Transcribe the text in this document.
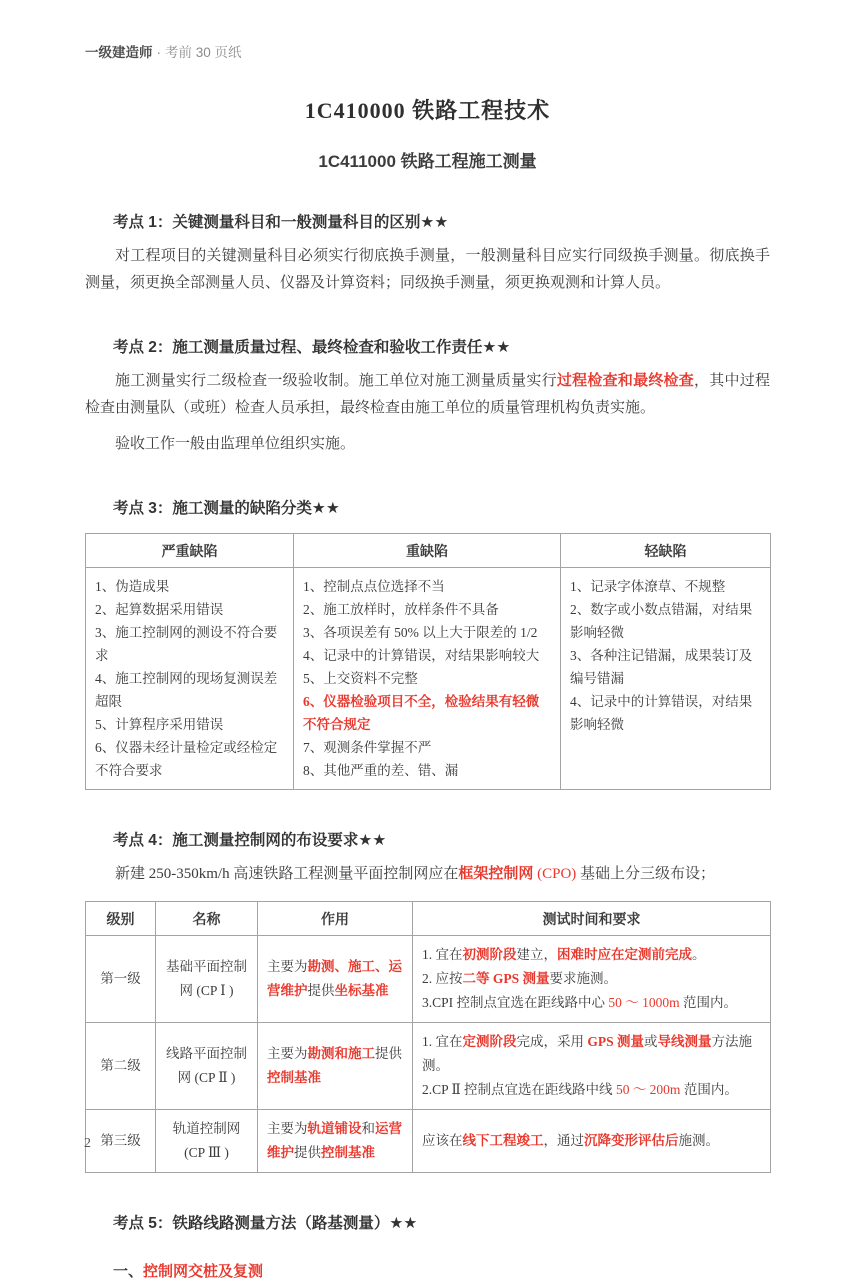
一级建造师 · 考前 30 页纸
1C410000 铁路工程技术
1C411000 铁路工程施工测量
考点 1：关键测量科目和一般测量科目的区别★★

对工程项目的关键测量科目必须实行彻底换手测量，一般测量科目应实行同级换手测量。彻底换手测量，须更换全部测量人员、仪器及计算资料；同级换手测量，须更换观测和计算人员。

考点 2：施工测量质量过程、最终检查和验收工作责任★★

施工测量实行二级检查一级验收制。施工单位对施工测量质量实行过程检查和最终检查，其中过程检查由测量队（或班）检查人员承担，最终检查由施工单位的质量管理机构负责实施。

验收工作一般由监理单位组织实施。

考点 3：施工测量的缺陷分类★★
严重缺陷	重缺陷	轻缺陷

1、伪造成果
2、起算数据采用错误
3、施工控制网的测设不符合要求
4、施工控制网的现场复测误差超限
5、计算程序采用错误
6、仪器未经计量检定或经检定不符合要求

1、控制点点位选择不当
2、施工放样时，放样条件不具备
3、各项误差有 50% 以上大于限差的 1/2
4、记录中的计算错误，对结果影响较大
5、上交资料不完整
6、仪器检验项目不全，检验结果有轻微不符合规定
7、观测条件掌握不严
8、其他严重的差、错、漏

1、记录字体潦草、不规整
2、数字或小数点错漏，对结果影响轻微
3、各种注记错漏，成果装订及编号错漏
4、记录中的计算错误，对结果影响轻微
考点 4：施工测量控制网的布设要求★★

新建 250-350km/h 高速铁路工程测量平面控制网应在框架控制网 (CPO) 基础上分三级布设；

级别	名称	作用	测试时间和要求
第一级	基础平面控制网 (CP Ⅰ )	主要为勘测、施工、运营维护提供坐标基准	1. 宜在初测阶段建立，困难时应在定测前完成。
2. 应按二等 GPS 测量要求施测。
3.CPI 控制点宜选在距线路中心 50 ～ 1000m 范围内。

第二级	线路平面控制网 (CP Ⅱ )	主要为勘测和施工提供控制基准	1. 宜在定测阶段完成，采用 GPS 测量或导线测量方法施测。
2.CP Ⅱ 控制点宜选在距线路中线 50 ～ 200m 范围内。

第三级	轨道控制网 (CP Ⅲ )	主要为轨道铺设和运营维护提供控制基准	应该在线下工程竣工，通过沉降变形评估后施测。
考点 5：铁路线路测量方法（路基测量）★★
一、控制网交桩及复测
2
